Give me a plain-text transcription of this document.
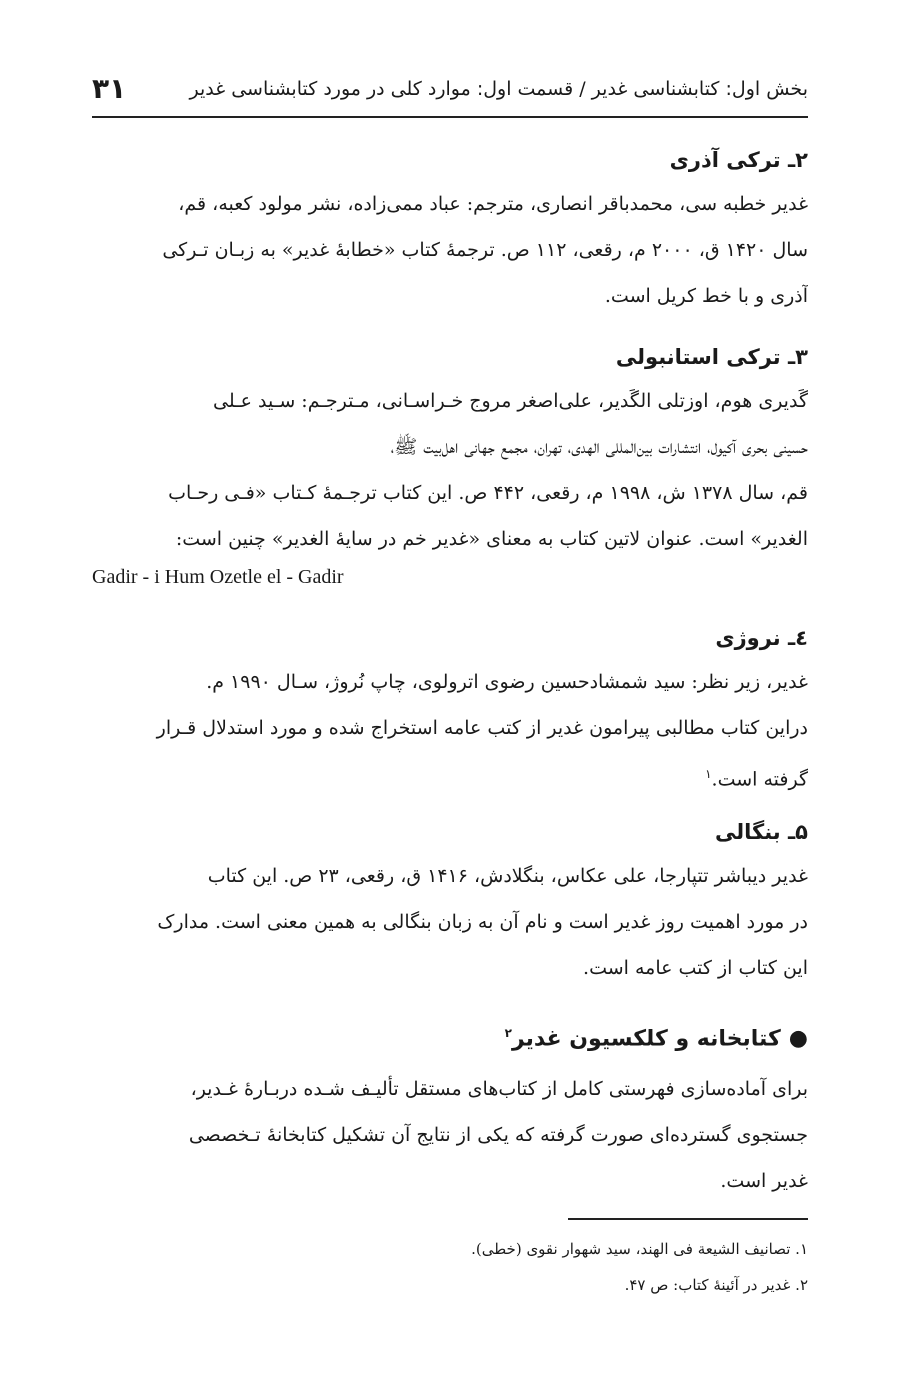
بخش اول: کتابشناسی غدیر / قسمت اول: موارد کلی در مورد کتابشناسی غدیر
۳۱
۲ـ ترکی آذری

غدیر خطبه سی، محمدباقر انصاری، مترجم: عباد ممی‌زاده، نشر مولود کعبه، قم،
سال ۱۴۲۰ ق، ۲۰۰۰ م، رقعی، ۱۱۲ ص. ترجمهٔ کتاب «خطابهٔ غدیر» به زبـان تـرکی
آذری و با خط کریل است.

۳ـ ترکی استانبولی

گَدیری هوم، اوزتلی الگَدیر، علی‌اصغر مروج خـراسـانی، مـترجـم: سـید عـلی
حسینی بحری آکیول، انتشارات بین‌المللی الهدی، تهران، مجمع جهانی اهل‌بیت ﷺ،
قم، سال ۱۳۷۸ ش، ۱۹۹۸ م، رقعی، ۴۴۲ ص. این کتاب ترجـمهٔ کـتاب «فـی رحـاب
الغدیر» است. عنوان لاتین کتاب به معنای «غدیر خم در سایهٔ الغدیر» چنین است:

Gadir - i Hum Ozetle el - Gadir
٤ـ نروژی

غدیر، زیر نظر: سید شمشادحسین رضوی اترولوی، چاپ نُروژ، سـال ۱۹۹۰ م.
دراین کتاب مطالبی پیرامون غدیر از کتب عامه استخراج شده و مورد استدلال قـرار
گرفته است.$^۱$

۵ـ بنگالی

غدیر دیباشر تتپارجا، علی عکاس، بنگلادش، ۱۴۱۶ ق، رقعی، ۲۳ ص. این کتاب
در مورد اهمیت روز غدیر است و نام آن به زبان بنگالی به همین معنی است. مدارک
این کتاب از کتب عامه است.

●کتابخانه و کلکسیون غدیر$^۲$

برای آماده‌سازی فهرستی کامل از کتاب‌های مستقل تألیـف شـده دربـارهٔ غـدیر،
جستجوی گسترده‌ای صورت گرفته که یکی از نتایج آن تشکیل کتابخانهٔ تـخصصی
غدیر است.

۱. تصانیف الشیعة فی الهند، سید شهوار نقوی (خطی).
۲. غدیر در آئینهٔ کتاب: ص ۴۷.
